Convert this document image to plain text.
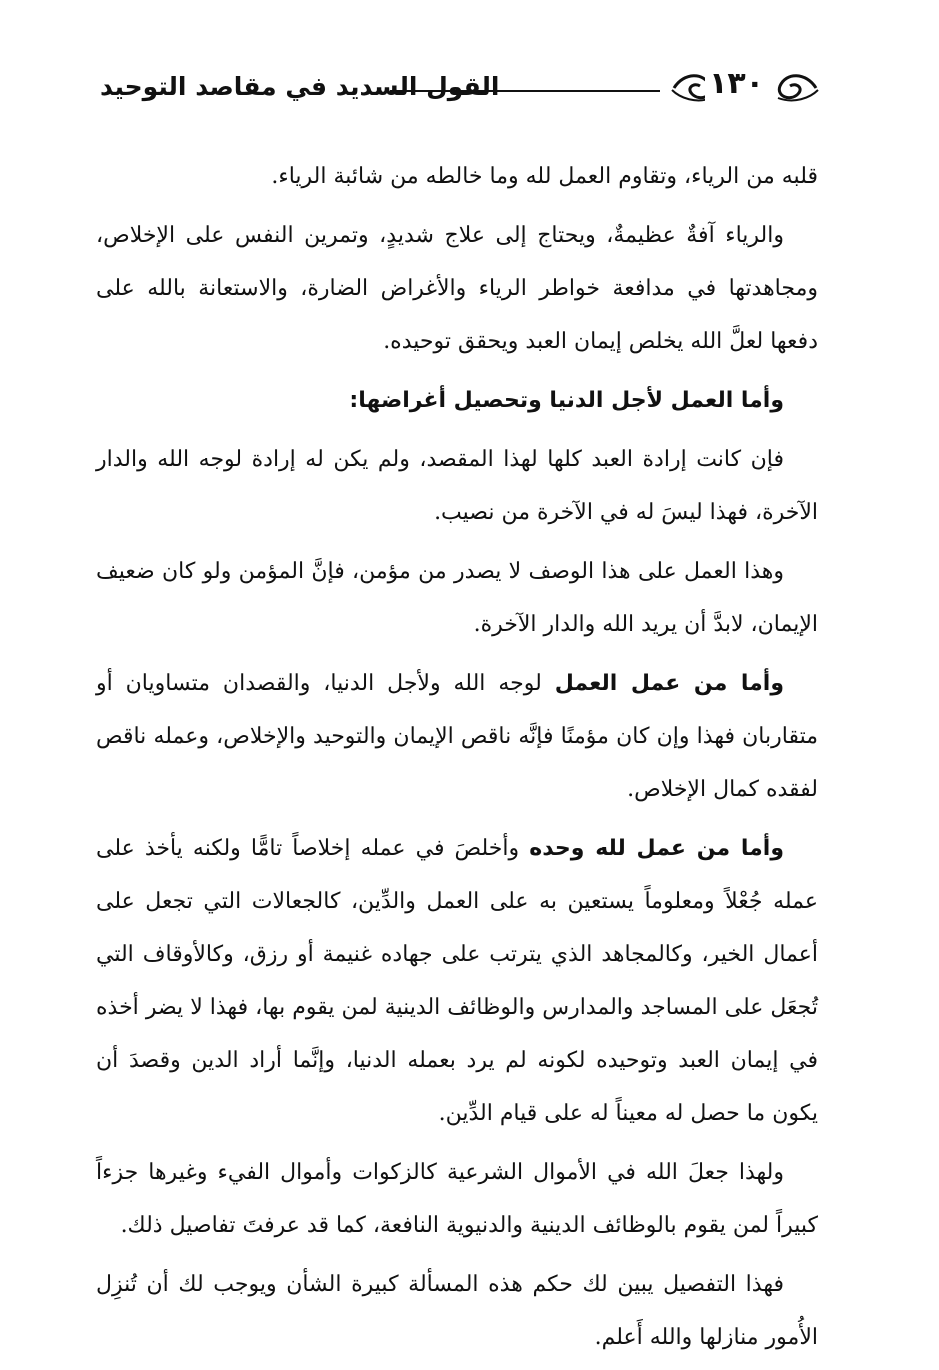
١٣٠
القول السديد في مقاصد التوحيد

قلبه من الرياء، وتقاوم العمل لله وما خالطه من شائبة الرياء.

والرياء آفةٌ عظيمةٌ، ويحتاج إلى علاج شديدٍ، وتمرين النفس على الإخلاص، ومجاهدتها في مدافعة خواطر الرياء والأغراض الضارة، والاستعانة بالله على دفعها لعلَّ الله يخلص إيمان العبد ويحقق توحيده.

وأما العمل لأجل الدنيا وتحصيل أغراضها:

فإن كانت إرادة العبد كلها لهذا المقصد، ولم يكن له إرادة لوجه الله والدار الآخرة، فهذا ليسَ له في الآخرة من نصيب.

وهذا العمل على هذا الوصف لا يصدر من مؤمن، فإنَّ المؤمن ولو كان ضعيف الإيمان، لابدَّ أن يريد الله والدار الآخرة.

وأما من عمل العمل لوجه الله ولأجل الدنيا، والقصدان متساويان أو متقاربان فهذا وإن كان مؤمنًا فإنَّه ناقص الإيمان والتوحيد والإخلاص، وعمله ناقص لفقده كمال الإخلاص.

وأما من عمل لله وحده وأخلصَ في عمله إخلاصاً تامًّا ولكنه يأخذ على عمله جُعْلاً ومعلوماً يستعين به على العمل والدِّين، كالجعالات التي تجعل على أعمال الخير، وكالمجاهد الذي يترتب على جهاده غنيمة أو رزق، وكالأوقاف التي تُجعَل على المساجد والمدارس والوظائف الدينية لمن يقوم بها، فهذا لا يضر أخذه في إيمان العبد وتوحيده لكونه لم يرد بعمله الدنيا، وإنَّما أراد الدين وقصدَ أن يكون ما حصل له معيناً له على قيام الدِّين.

ولهذا جعلَ الله في الأموال الشرعية كالزكوات وأموال الفيء وغيرها جزءاً كبيراً لمن يقوم بالوظائف الدينية والدنيوية النافعة، كما قد عرفتَ تفاصيل ذلك.

فهذا التفصيل يبين لك حكم هذه المسألة كبيرة الشأن ويوجب لك أن تُنزِل الأُمور منازلها والله أَعلم.
